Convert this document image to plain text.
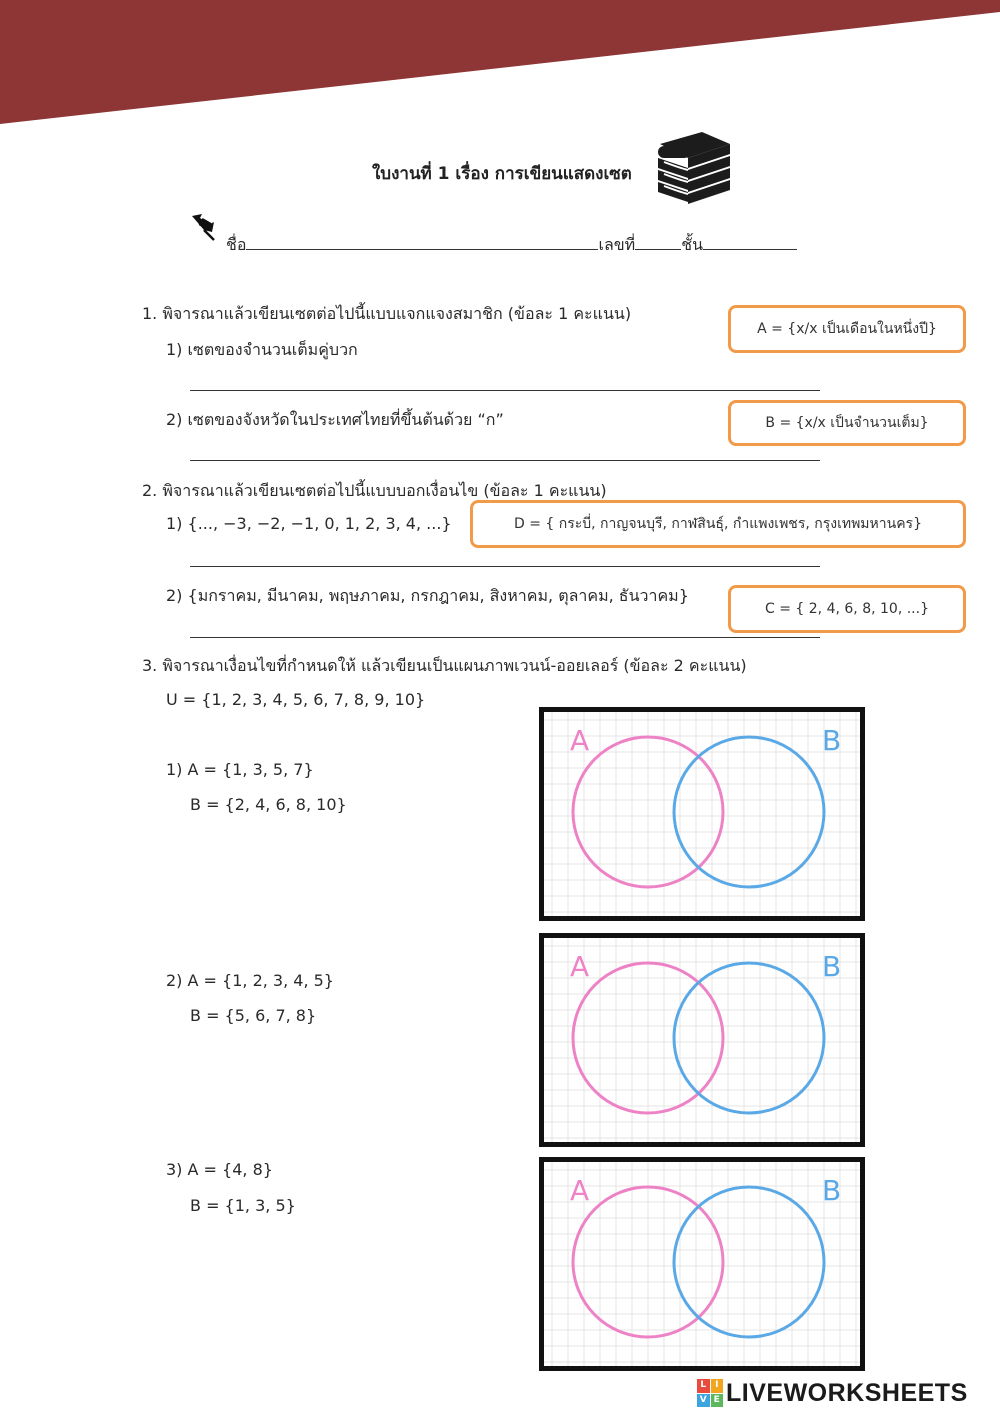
ใบงานที่ 1 เรื่อง การเขียนแสดงเซต
ชื่อ	เลขที่	ชั้น
1. พิจารณาแล้วเขียนเซตต่อไปนี้แบบแจกแจงสมาชิก (ข้อละ 1 คะแนน)
1) เซตของจำนวนเต็มคู่บวก
2) เซตของจังหวัดในประเทศไทยที่ขึ้นต้นด้วย “ก”
A = {x/x เป็นเดือนในหนึ่งปี}
B = {x/x เป็นจำนวนเต็ม}
D = { กระบี่, กาญจนบุรี, กาฬสินธุ์, กำแพงเพชร, กรุงเทพมหานคร}
C = { 2, 4, 6, 8, 10, ...}
2. พิจารณาแล้วเขียนเซตต่อไปนี้แบบบอกเงื่อนไข (ข้อละ 1 คะแนน)
1) {..., −3, −2, −1, 0, 1, 2, 3, 4, ...}
2) {มกราคม, มีนาคม, พฤษภาคม, กรกฎาคม, สิงหาคม, ตุลาคม, ธันวาคม}
3. พิจารณาเงื่อนไขที่กำหนดให้ แล้วเขียนเป็นแผนภาพเวนน์-ออยเลอร์ (ข้อละ 2 คะแนน)
U = {1, 2, 3, 4, 5, 6, 7, 8, 9, 10}
1) A = {1, 3, 5, 7}
B = {2, 4, 6, 8, 10}
2) A = {1, 2, 3, 4, 5}
B = {5, 6, 7, 8}
3) A = {4, 8}
B = {1, 3, 5}
A	B
A	B
A	B
L I
V E LIVEWORKSHEETS
